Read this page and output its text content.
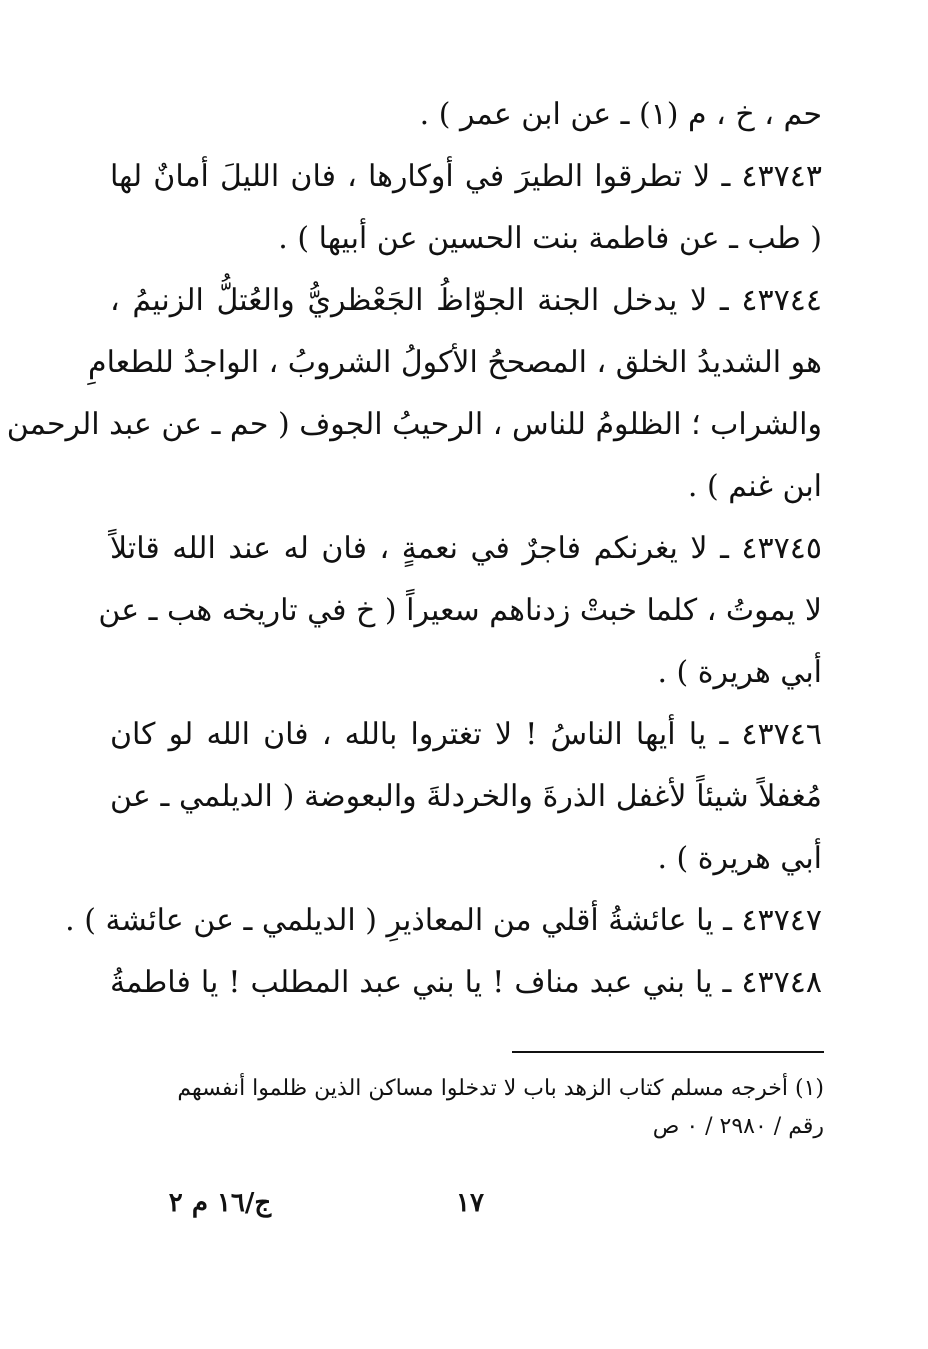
حم ، خ ، م (١) ـ عن ابن عمر ) .
٤٣٧٤٣ ـ لا تطرقوا الطيرَ في أوكارها ، فان الليلَ أمانٌ لها
( طب ـ عن فاطمة بنت الحسين عن أبيها ) .
٤٣٧٤٤ ـ لا يدخل الجنة الجوّاظُ الجَعْظريُّ والعُتلُّ الزنيمُ ،
هو الشديدُ الخلق ، المصححُ الأكولُ الشروبُ ، الواجدُ للطعامِ
والشراب ؛ الظلومُ للناس ، الرحيبُ الجوف ( حم ـ عن عبد الرحمن
ابن غنم ) .
٤٣٧٤٥ ـ لا يغرنكم فاجرٌ في نعمةٍ ، فان له عند الله قاتلاً
لا يموتُ ، كلما خبتْ زدناهم سعيراً ( خ في تاريخه هب ـ عن
أبي هريرة ) .
٤٣٧٤٦ ـ يا أيها الناسُ ! لا تغتروا بالله ، فان الله لو كان
مُغفلاً شيئاً لأغفل الذرةَ والخردلةَ والبعوضة ( الديلمي ـ عن
أبي هريرة ) .
٤٣٧٤٧ ـ يا عائشةُ أقلي من المعاذيرِ ( الديلمي ـ عن عائشة ) .
٤٣٧٤٨ ـ يا بني عبد مناف ! يا بني عبد المطلب ! يا فاطمةُ
(١) أخرجه مسلم كتاب الزهد باب لا تدخلوا مساكن الذين ظلموا أنفسهم
رقم / ٢٩٨٠ / ٠ ص
١٧
ج/١٦ م ٢
